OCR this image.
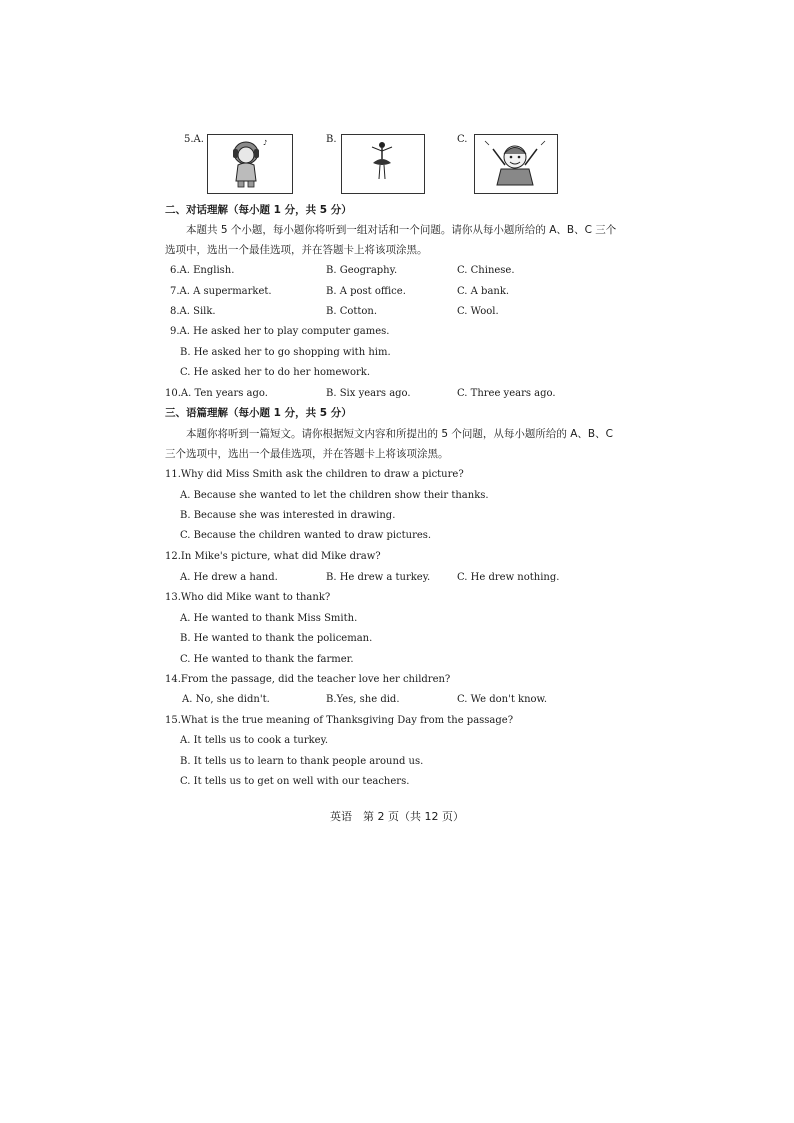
5.A.	♪	B.	C.
二、对话理解（每小题 1 分，共 5 分）
本题共 5 个小题，每小题你将听到一组对话和一个问题。请你从每小题所给的 A、B、C 三个
选项中，选出一个最佳选项，并在答题卡上将该项涂黑。
6.A. English.	B. Geography.	C. Chinese.
7.A. A supermarket.	B. A post office.	C. A bank.
8.A. Silk.	B. Cotton.	C. Wool.
9.A. He asked her to play computer games.
B. He asked her to go shopping with him.
C. He asked her to do her homework.
10.A. Ten years ago.	B. Six years ago.	C. Three years ago.
三、语篇理解（每小题 1 分，共 5 分）
本题你将听到一篇短文。请你根据短文内容和所提出的 5 个问题，从每小题所给的 A、B、C
三个选项中，选出一个最佳选项，并在答题卡上将该项涂黑。
11.Why did Miss Smith ask the children to draw a picture?
A. Because she wanted to let the children show their thanks.
B. Because she was interested in drawing.
C. Because the children wanted to draw pictures.
12.In Mike's picture, what did Mike draw?
A. He drew a hand.	B. He drew a turkey.	C. He drew nothing.
13.Who did Mike want to thank?
A. He wanted to thank Miss Smith.
B. He wanted to thank the policeman.
C. He wanted to thank the farmer.
14.From the passage, did the teacher love her children?
A. No, she didn't.	B.Yes, she did.	C. We don't know.
15.What is the true meaning of Thanksgiving Day from the passage?
A. It tells us to cook a turkey.
B. It tells us to learn to thank people around us.
C. It tells us to get on well with our teachers.
英语　第 2 页（共 12 页）
